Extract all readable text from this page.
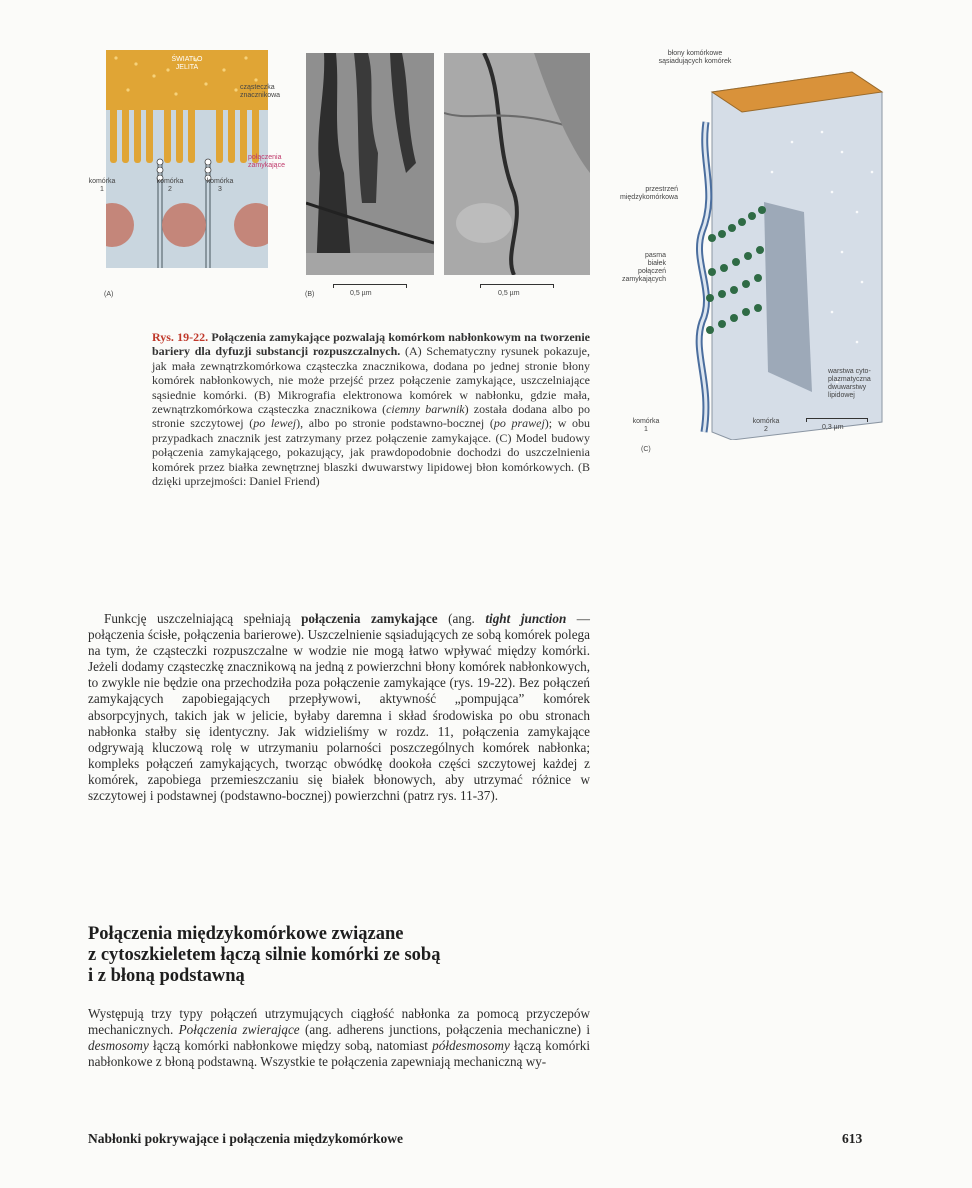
ŚWIATŁO
JELITA
cząsteczka
znacznikowa
połączenia
zamykające
komórka
1
komórka
2
komórka
3
(A)	0,5 µm	0,5 µm
(B)
błony komórkowe
sąsiadujących komórek
przestrzeń
międzykomórkowa
pasma
białek
połączeń
zamykających
warstwa cyto-
plazmatyczna
dwuwarstwy
lipidowej
komórka
1
komórka
2	0,3 µm
(C)
Rys. 19-22. Połączenia zamykające pozwalają komórkom nabłonkowym na tworzenie bariery dla dyfuzji substancji rozpuszczalnych. (A) Schematyczny rysunek pokazuje, jak mała zewnątrzkomórkowa cząsteczka znacznikowa, dodana po jednej stronie błony komórek nabłonkowych, nie może przejść przez połączenie zamykające, uszczelniające sąsiednie komórki. (B) Mikrografia elektronowa komórek w nabłonku, gdzie mała, zewnątrzkomórkowa cząsteczka znacznikowa (ciemny barwnik) została dodana albo po stronie szczytowej (po lewej), albo po stronie podstawno-bocznej (po prawej); w obu przypadkach znacznik jest zatrzymany przez połączenie zamykające. (C) Model budowy połączenia zamykającego, pokazujący, jak prawdopodobnie dochodzi do uszczelnienia komórek przez białka zewnętrznej blaszki dwuwarstwy lipidowej błon komórkowych. (B dzięki uprzejmości: Daniel Friend)
Funkcję uszczelniającą spełniają połączenia zamykające (ang. tight junction — połączenia ścisłe, połączenia barierowe). Uszczelnienie sąsiadujących ze sobą komórek polega na tym, że cząsteczki rozpuszczalne w wodzie nie mogą łatwo wpływać między komórki. Jeżeli dodamy cząsteczkę znacznikową na jedną z powierzchni błony komórek nabłonkowych, to zwykle nie będzie ona przechodziła poza połączenie zamykające (rys. 19-22). Bez połączeń zamykających zapobiegających przepływowi, aktywność „pompująca” komórek absorpcyjnych, takich jak w jelicie, byłaby daremna i skład środowiska po obu stronach nabłonka stałby się identyczny. Jak widzieliśmy w rozdz. 11, połączenia zamykające odgrywają kluczową rolę w utrzymaniu polarności poszczególnych komórek nabłonka; kompleks połączeń zamykających, tworząc obwódkę dookoła części szczytowej każdej z komórek, zapobiega przemieszczaniu się białek błonowych, aby utrzymać różnice w szczytowej i podstawnej (podstawno-bocznej) powierzchni (patrz rys. 11-37).
Połączenia międzykomórkowe związane
z cytoszkieletem łączą silnie komórki ze sobą
i z błoną podstawną
Występują trzy typy połączeń utrzymujących ciągłość nabłonka za pomocą przyczepów mechanicznych. Połączenia zwierające (ang. adherens junctions, połączenia mechaniczne) i desmosomy łączą komórki nabłonkowe między sobą, natomiast półdesmosomy łączą komórki nabłonkowe z błoną podstawną. Wszystkie te połączenia zapewniają mechaniczną wy-
Nabłonki pokrywające i połączenia międzykomórkowe	613
